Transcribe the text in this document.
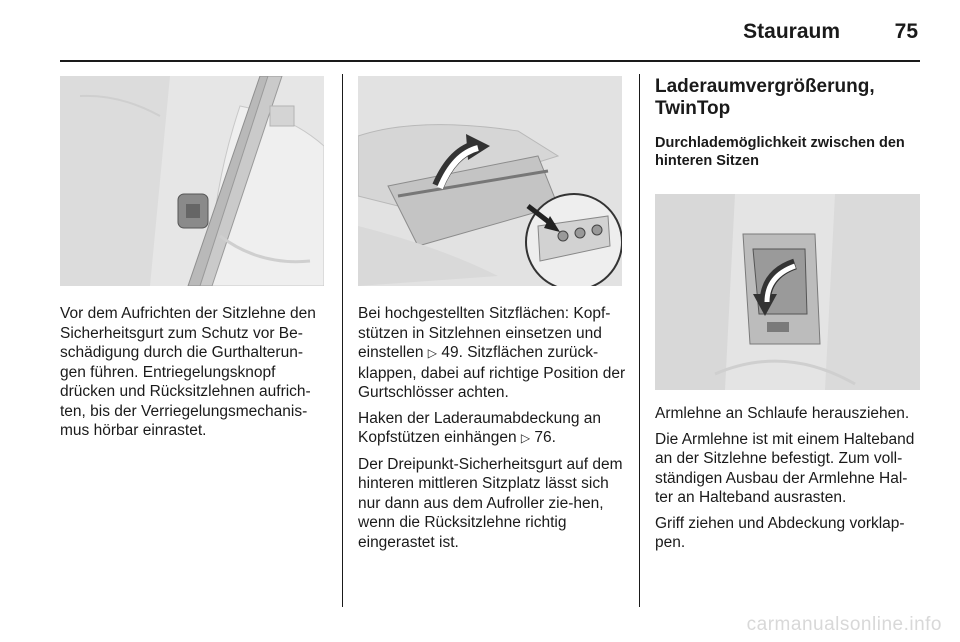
Stauraum	75

Vor dem Aufrichten der Sitzlehne den Sicherheitsgurt zum Schutz vor Be-schädigung durch die Gurthalterun-gen führen. Entriegelungsknopf drücken und Rücksitzlehnen aufrich-ten, bis der Verriegelungsmechanis-mus hörbar einrastet.

Bei hochgestellten Sitzflächen: Kopf-stützen in Sitzlehnen einsetzen und einstellen ▷ 49. Sitzflächen zurück-klappen, dabei auf richtige Position der Gurtschlösser achten.

Haken der Laderaumabdeckung an Kopfstützen einhängen ▷ 76.

Der Dreipunkt-Sicherheitsgurt auf dem hinteren mittleren Sitzplatz lässt sich nur dann aus dem Aufroller zie-hen, wenn die Rücksitzlehne richtig eingerastet ist.

Laderaumvergrößerung, TwinTop
Durchlademöglichkeit zwischen den hinteren Sitzen

Armlehne an Schlaufe herausziehen.

Die Armlehne ist mit einem Halteband an der Sitzlehne befestigt. Zum voll-ständigen Ausbau der Armlehne Hal-ter an Halteband ausrasten.

Griff ziehen und Abdeckung vorklap-pen.

carmanualsonline.info
